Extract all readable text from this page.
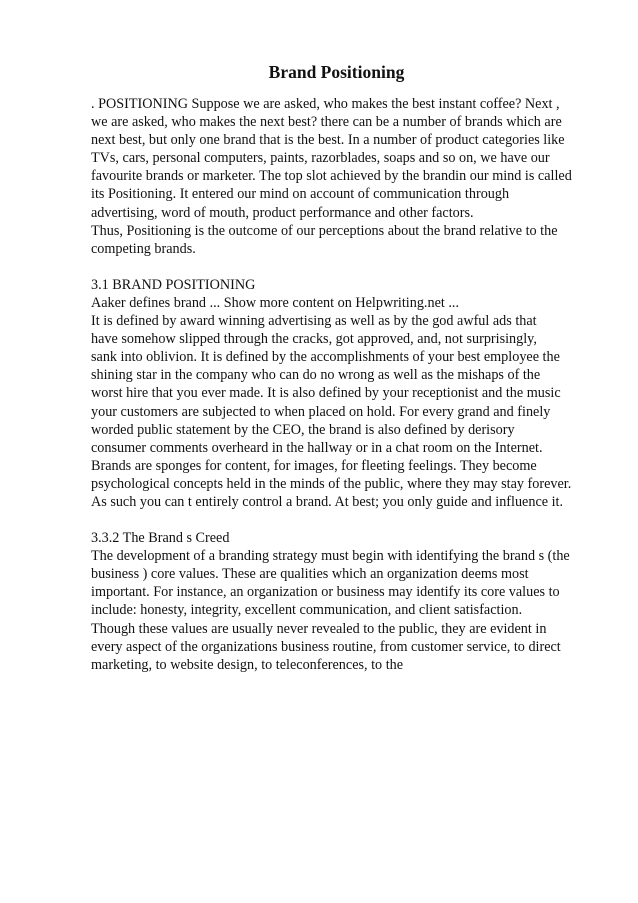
Brand Positioning

. POSITIONING Suppose we are asked, who makes the best instant coffee? Next ,
we are asked, who makes the next best? there can be a number of brands which are
next best, but only one brand that is the best. In a number of product categories like
TVs, cars, personal computers, paints, razorblades, soaps and so on, we have our
favourite brands or marketer. The top slot achieved by the brandin our mind is called
its Positioning. It entered our mind on account of communication through
advertising, word of mouth, product performance and other factors.
Thus, Positioning is the outcome of our perceptions about the brand relative to the
competing brands.

3.1 BRAND POSITIONING
Aaker defines brand ... Show more content on Helpwriting.net ...
It is defined by award winning advertising as well as by the god awful ads that
have somehow slipped through the cracks, got approved, and, not surprisingly,
sank into oblivion. It is defined by the accomplishments of your best employee the
shining star in the company who can do no wrong as well as the mishaps of the
worst hire that you ever made. It is also defined by your receptionist and the music
your customers are subjected to when placed on hold. For every grand and finely
worded public statement by the CEO, the brand is also defined by derisory
consumer comments overheard in the hallway or in a chat room on the Internet.
Brands are sponges for content, for images, for fleeting feelings. They become
psychological concepts held in the minds of the public, where they may stay forever.
As such you can t entirely control a brand. At best; you only guide and influence it.

3.3.2 The Brand s Creed
The development of a branding strategy must begin with identifying the brand s (the
business ) core values. These are qualities which an organization deems most
important. For instance, an organization or business may identify its core values to
include: honesty, integrity, excellent communication, and client satisfaction.
Though these values are usually never revealed to the public, they are evident in
every aspect of the organizations business routine, from customer service, to direct
marketing, to website design, to teleconferences, to the
